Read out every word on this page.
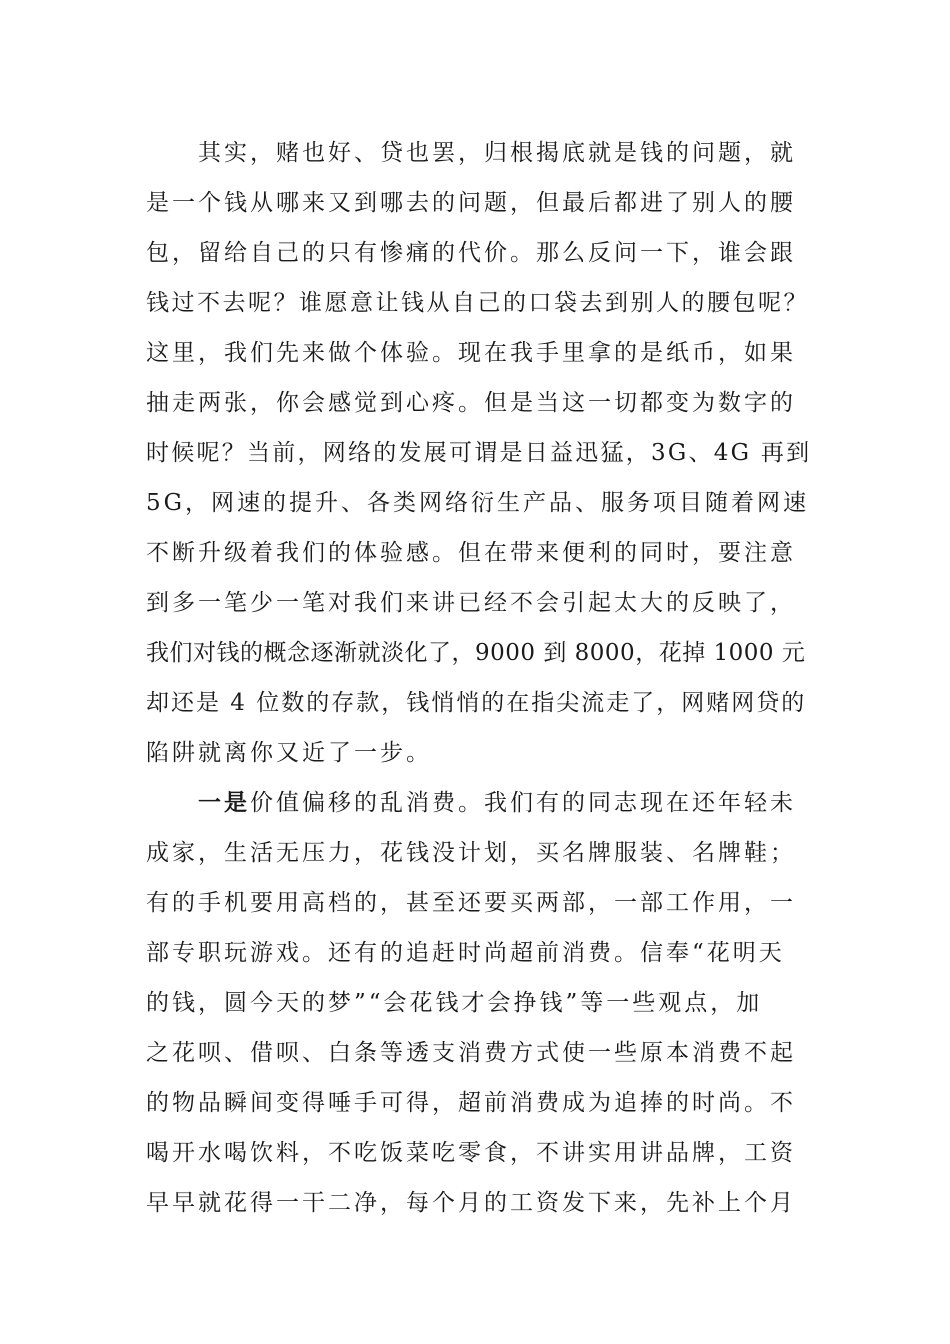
其实，赌也好、贷也罢，归根揭底就是钱的问题，就
是一个钱从哪来又到哪去的问题，但最后都进了别人的腰
包，留给自己的只有惨痛的代价。那么反问一下，谁会跟
钱过不去呢？谁愿意让钱从自己的口袋去到别人的腰包呢？
这里，我们先来做个体验。现在我手里拿的是纸币，如果
抽走两张，你会感觉到心疼。但是当这一切都变为数字的
时候呢？当前，网络的发展可谓是日益迅猛，3G、4G 再到
5G，网速的提升、各类网络衍生产品、服务项目随着网速
不断升级着我们的体验感。但在带来便利的同时，要注意
到多一笔少一笔对我们来讲已经不会引起太大的反映了，
我们对钱的概念逐渐就淡化了，9000 到 8000，花掉 1000 元
却还是 4 位数的存款，钱悄悄的在指尖流走了，网赌网贷的
陷阱就离你又近了一步。
一是价值偏移的乱消费。我们有的同志现在还年轻未
成家，生活无压力，花钱没计划，买名牌服装、名牌鞋；
有的手机要用高档的，甚至还要买两部，一部工作用，一
部专职玩游戏。还有的追赶时尚超前消费。信奉“花明天
的钱，圆今天的梦”“会花钱才会挣钱”等一些观点，加
之花呗、借呗、白条等透支消费方式使一些原本消费不起
的物品瞬间变得唾手可得，超前消费成为追捧的时尚。不
喝开水喝饮料，不吃饭菜吃零食，不讲实用讲品牌，工资
早早就花得一干二净，每个月的工资发下来，先补上个月
